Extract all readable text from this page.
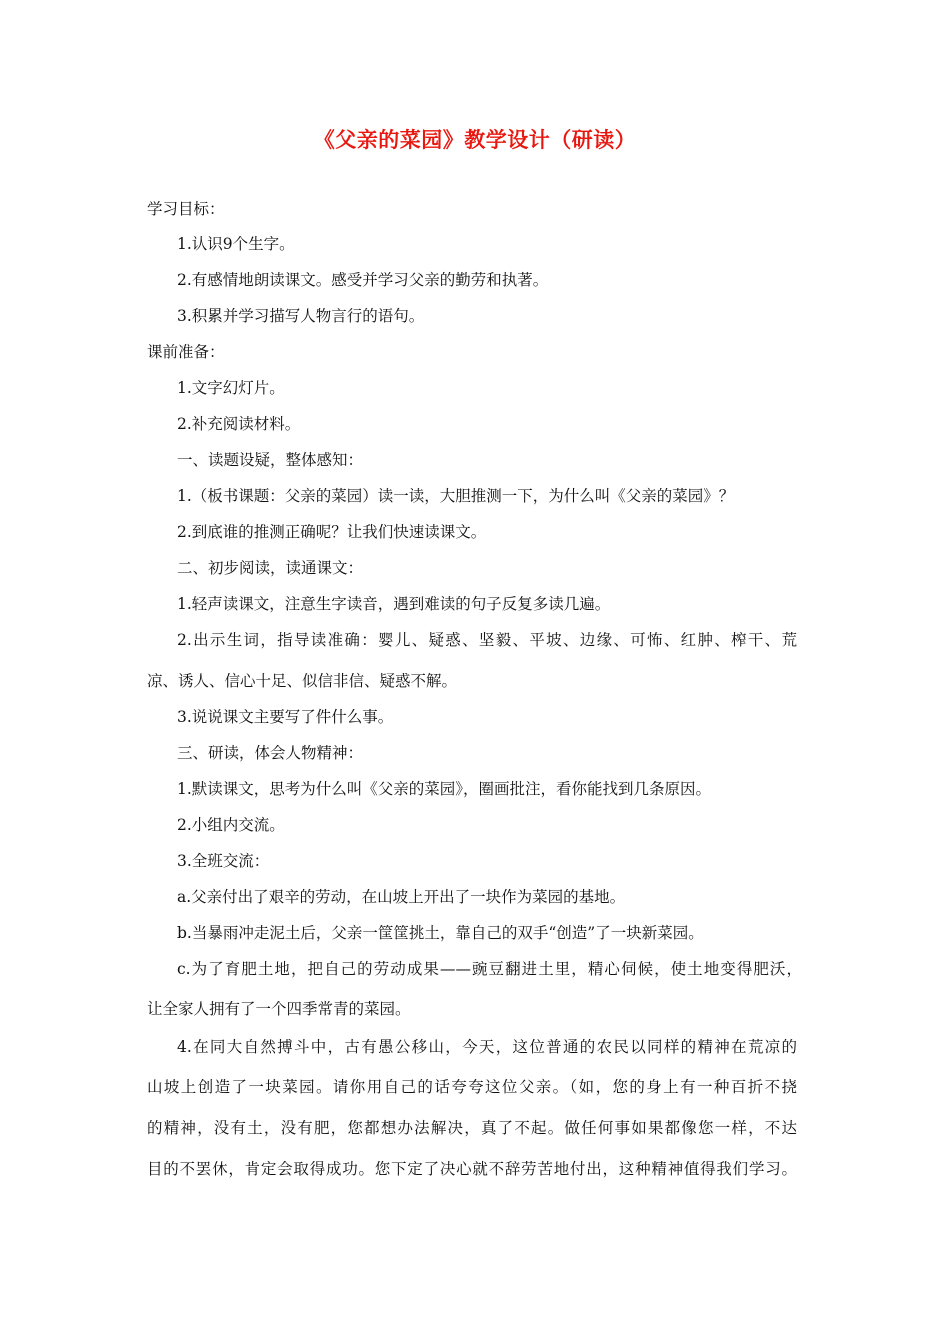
《父亲的菜园》教学设计（研读）
学习目标：
1.认识9个生字。
2.有感情地朗读课文。感受并学习父亲的勤劳和执著。
3.积累并学习描写人物言行的语句。
课前准备：
1.文字幻灯片。
2.补充阅读材料。
一、读题设疑，整体感知：
1.（板书课题：父亲的菜园）读一读，大胆推测一下，为什么叫《父亲的菜园》？
2.到底谁的推测正确呢？让我们快速读课文。
二、初步阅读，读通课文：
1.轻声读课文，注意生字读音，遇到难读的句子反复多读几遍。
2.出示生词，指导读准确：婴儿、疑惑、坚毅、平坡、边缘、可怖、红肿、榨干、荒
凉、诱人、信心十足、似信非信、疑惑不解。
3.说说课文主要写了件什么事。
三、研读，体会人物精神：
1.默读课文，思考为什么叫《父亲的菜园》，圈画批注，看你能找到几条原因。
2.小组内交流。
3.全班交流：
a.父亲付出了艰辛的劳动，在山坡上开出了一块作为菜园的基地。
b.当暴雨冲走泥土后，父亲一筐筐挑土，靠自己的双手“创造”了一块新菜园。
c.为了育肥土地，把自己的劳动成果——豌豆翻进土里，精心伺候，使土地变得肥沃，
让全家人拥有了一个四季常青的菜园。
4.在同大自然搏斗中，古有愚公移山，今天，这位普通的农民以同样的精神在荒凉的
山坡上创造了一块菜园。请你用自己的话夸夸这位父亲。（如，您的身上有一种百折不挠
的精神，没有土，没有肥，您都想办法解决，真了不起。做任何事如果都像您一样，不达
目的不罢休，肯定会取得成功。您下定了决心就不辞劳苦地付出，这种精神值得我们学习。
